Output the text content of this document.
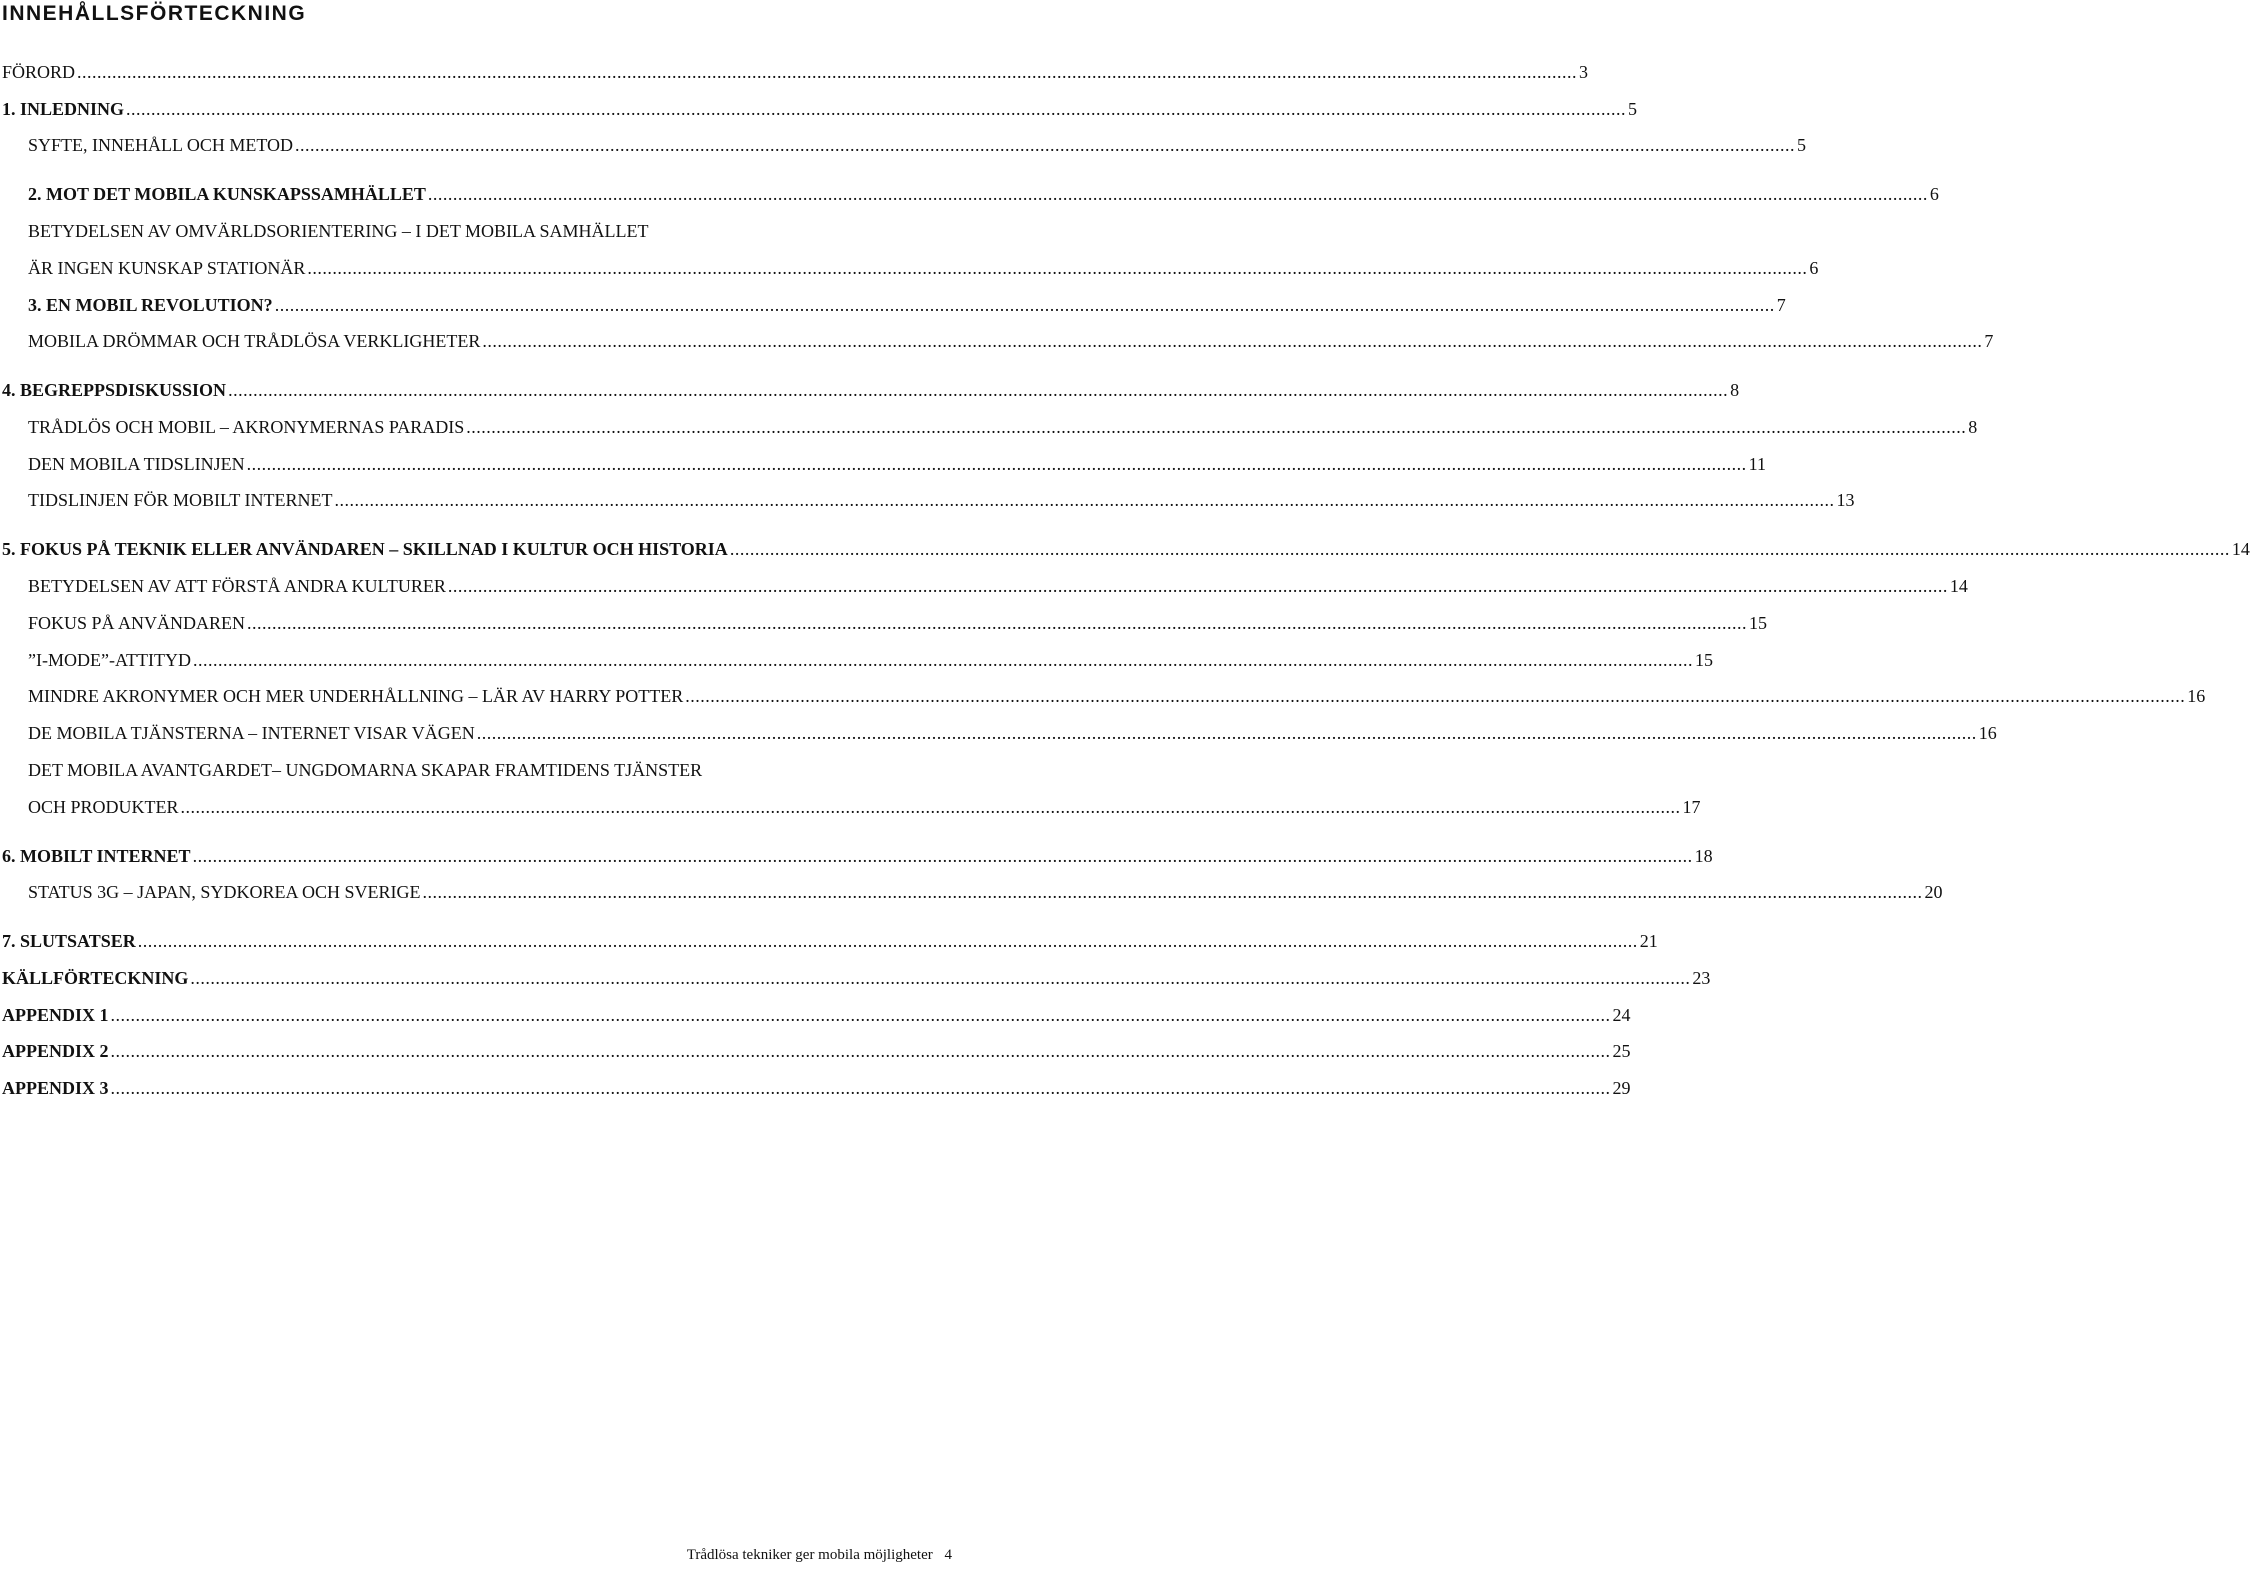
INNEHÅLLSFÖRTECKNING
FÖRORD ............................................................................................................................................................................................................................................................................................................ 3
1. INLEDNING ............................................................................................................................................................................................................................................................................................................ 5
SYFTE, INNEHÅLL OCH METOD ............................................................................................................................................................................................................................................................................................................ 5
2. MOT DET MOBILA KUNSKAPSSAMHÄLLET ............................................................................................................................................................................................................................................................................................................ 6
BETYDELSEN AV OMVÄRLDSORIENTERING – I DET MOBILA SAMHÄLLET
ÄR INGEN KUNSKAP STATIONÄR ............................................................................................................................................................................................................................................................................................................ 6
3. EN MOBIL REVOLUTION? ............................................................................................................................................................................................................................................................................................................ 7
MOBILA DRÖMMAR OCH TRÅDLÖSA VERKLIGHETER ............................................................................................................................................................................................................................................................................................................ 7
4. BEGREPPSDISKUSSION ............................................................................................................................................................................................................................................................................................................ 8
TRÅDLÖS OCH MOBIL – AKRONYMERNAS PARADIS ............................................................................................................................................................................................................................................................................................................ 8
DEN MOBILA TIDSLINJEN ............................................................................................................................................................................................................................................................................................................ 11
TIDSLINJEN FÖR MOBILT INTERNET ............................................................................................................................................................................................................................................................................................................ 13
5. FOKUS PÅ TEKNIK ELLER ANVÄNDAREN – SKILLNAD I KULTUR OCH HISTORIA ............................................................................................................................................................................................................................................................................................................ 14
BETYDELSEN AV ATT FÖRSTÅ ANDRA KULTURER ............................................................................................................................................................................................................................................................................................................ 14
FOKUS PÅ ANVÄNDAREN ............................................................................................................................................................................................................................................................................................................ 15
”I-MODE”-ATTITYD ............................................................................................................................................................................................................................................................................................................ 15
MINDRE AKRONYMER OCH MER UNDERHÅLLNING – LÄR AV HARRY POTTER ............................................................................................................................................................................................................................................................................................................ 16
DE MOBILA TJÄNSTERNA – INTERNET VISAR VÄGEN ............................................................................................................................................................................................................................................................................................................ 16
DET MOBILA AVANTGARDET– UNGDOMARNA SKAPAR FRAMTIDENS TJÄNSTER
OCH PRODUKTER ............................................................................................................................................................................................................................................................................................................ 17
6. MOBILT INTERNET ............................................................................................................................................................................................................................................................................................................ 18
STATUS 3G – JAPAN, SYDKOREA OCH SVERIGE ............................................................................................................................................................................................................................................................................................................ 20
7. SLUTSATSER ............................................................................................................................................................................................................................................................................................................ 21
KÄLLFÖRTECKNING ............................................................................................................................................................................................................................................................................................................ 23
APPENDIX 1 ............................................................................................................................................................................................................................................................................................................ 24
APPENDIX 2 ............................................................................................................................................................................................................................................................................................................ 25
APPENDIX 3 ............................................................................................................................................................................................................................................................................................................ 29
Trådlösa tekniker ger mobila möjligheter 4
